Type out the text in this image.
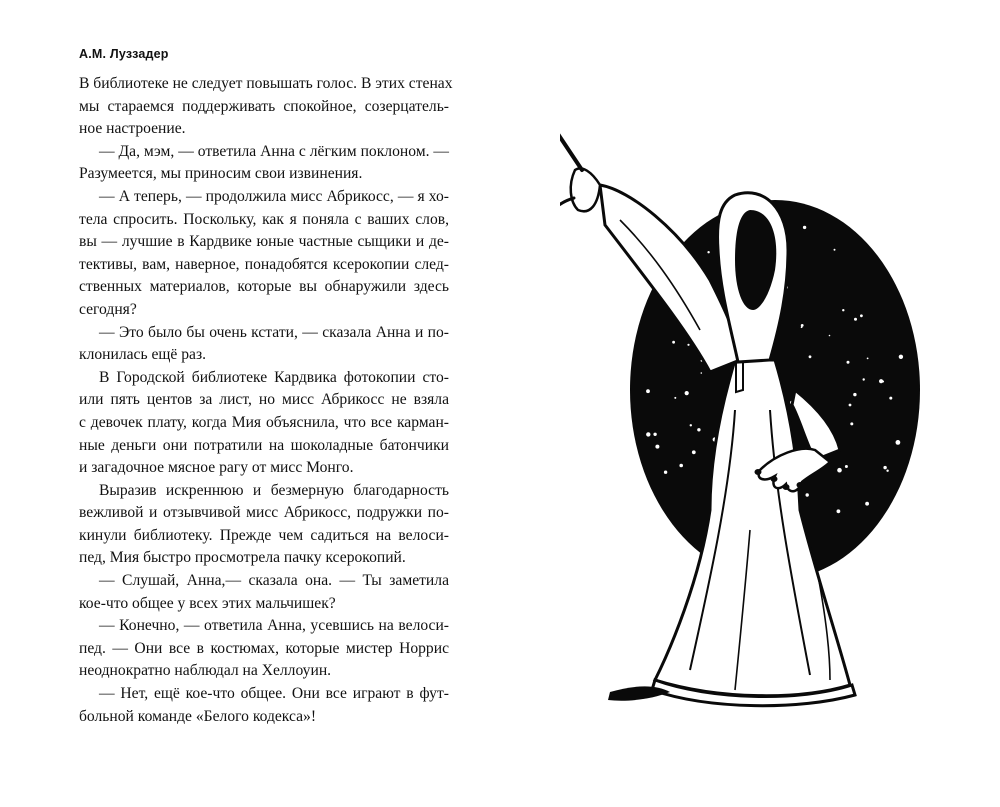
А.М. Луззадер
В библиотеке не следует повышать голос. В этих стенах
мы стараемся поддерживать спокойное, созерцатель-
ное настроение.
— Да, мэм, — ответила Анна с лёгким поклоном. —
Разумеется, мы приносим свои извинения.
— А теперь, — продолжила мисс Абрикосс, — я хо-
тела спросить. Поскольку, как я поняла с ваших слов,
вы — лучшие в Кардвике юные частные сыщики и де-
тективы, вам, наверное, понадобятся ксерокопии след-
ственных материалов, которые вы обнаружили здесь
сегодня?
— Это было бы очень кстати, — сказала Анна и по-
клонилась ещё раз.
В Городской библиотеке Кардвика фотокопии сто-
или пять центов за лист, но мисс Абрикосс не взяла
с девочек плату, когда Мия объяснила, что все карман-
ные деньги они потратили на шоколадные батончики
и загадочное мясное рагу от мисс Монго.
Выразив искреннюю и безмерную благодарность
вежливой и отзывчивой мисс Абрикосс, подружки по-
кинули библиотеку. Прежде чем садиться на велоси-
пед, Мия быстро просмотрела пачку ксерокопий.
— Слушай, Анна,— сказала она. — Ты заметила
кое-что общее у всех этих мальчишек?
— Конечно, — ответила Анна, усевшись на велоси-
пед. — Они все в костюмах, которые мистер Норрис
неоднократно наблюдал на Хеллоуин.
— Нет, ещё кое-что общее. Они все играют в фут-
больной команде «Белого кодекса»!
